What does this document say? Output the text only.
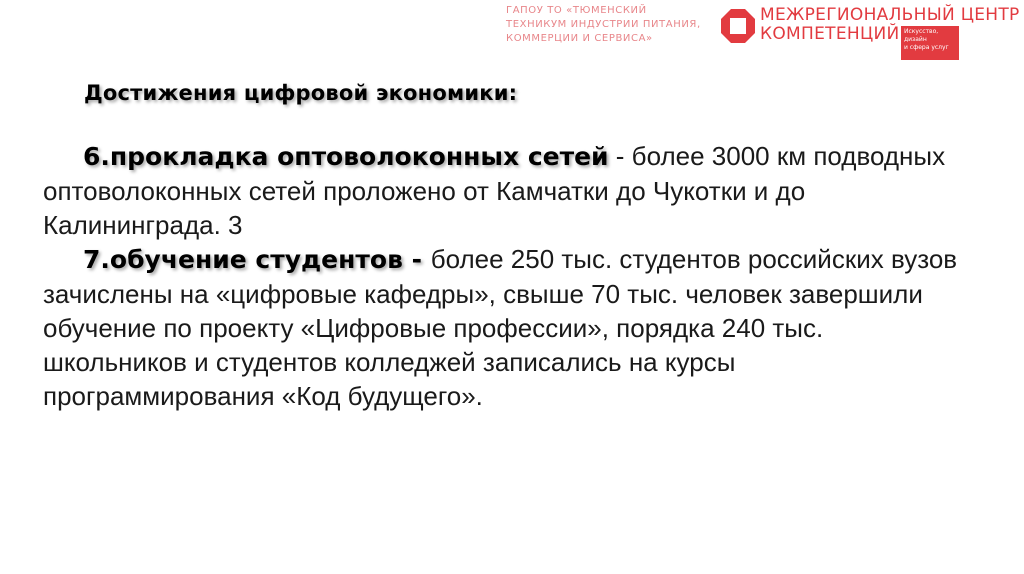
ГАПОУ ТО «ТЮМЕНСКИЙ
ТЕХНИКУМ ИНДУСТРИИ ПИТАНИЯ,
КОММЕРЦИИ И СЕРВИСА»
МЕЖРЕГИОНАЛЬНЫЙ ЦЕНТР
КОМПЕТЕНЦИЙ Искусство, дизайн
и сфера услуг
Достижения цифровой экономики:

6.прокладка оптоволоконных сетей - более 3000 км подводных оптоволоконных сетей проложено от Камчатки до Чукотки и до Калининграда. 3

7.обучение студентов - более 250 тыс. студентов российских вузов зачислены на «цифровые кафедры», свыше 70 тыс. человек завершили обучение по проекту «Цифровые профессии», порядка 240 тыс. школьников и студентов колледжей записались на курсы программирования «Код будущего».
